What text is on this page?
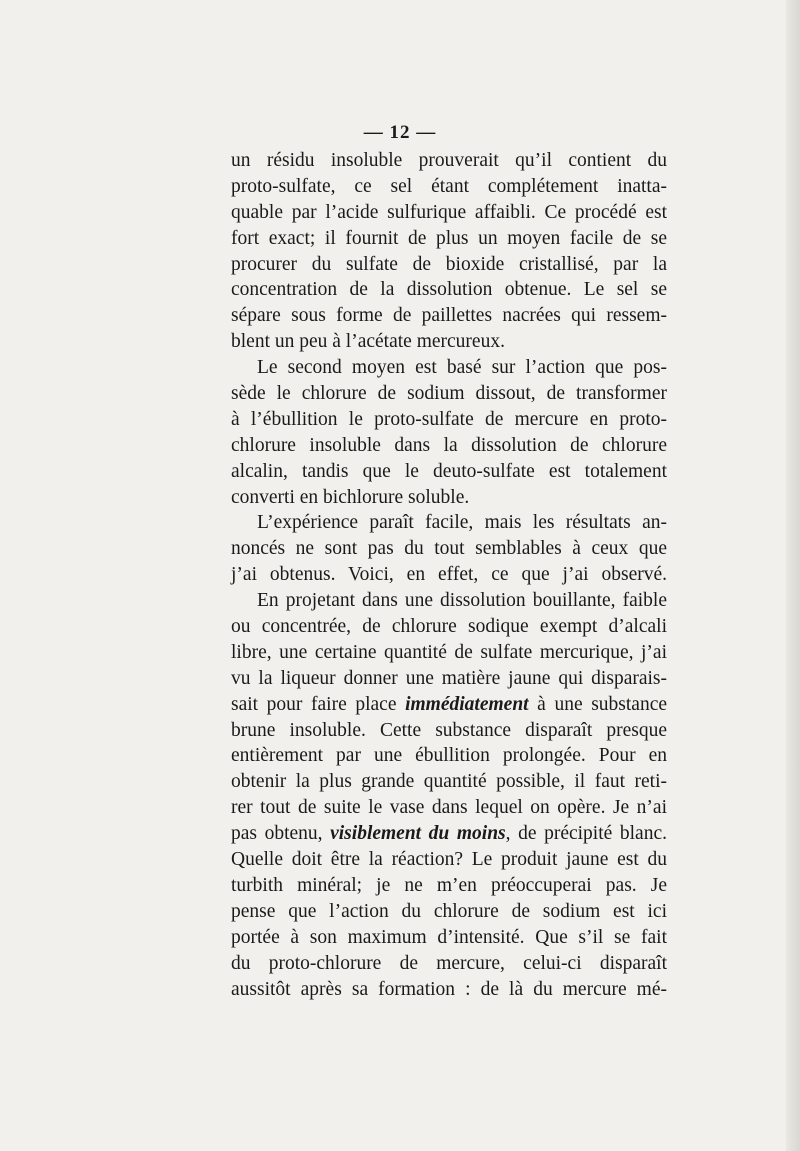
— 12 —
un résidu insoluble prouverait qu’il contient du
proto-sulfate, ce sel étant complétement inatta-
quable par l’acide sulfurique affaibli. Ce procédé est
fort exact; il fournit de plus un moyen facile de se
procurer du sulfate de bioxide cristallisé, par la
concentration de la dissolution obtenue. Le sel se
sépare sous forme de paillettes nacrées qui ressem-
blent un peu à l’acétate mercureux.
Le second moyen est basé sur l’action que pos-
sède le chlorure de sodium dissout, de transformer
à l’ébullition le proto-sulfate de mercure en proto-
chlorure insoluble dans la dissolution de chlorure
alcalin, tandis que le deuto-sulfate est totalement
converti en bichlorure soluble.
L’expérience paraît facile, mais les résultats an-
noncés ne sont pas du tout semblables à ceux que
j’ai obtenus. Voici, en effet, ce que j’ai observé.
En projetant dans une dissolution bouillante, faible
ou concentrée, de chlorure sodique exempt d’alcali
libre, une certaine quantité de sulfate mercurique, j’ai
vu la liqueur donner une matière jaune qui disparais-
sait pour faire place immédiatement à une substance
brune insoluble. Cette substance disparaît presque
entièrement par une ébullition prolongée. Pour en
obtenir la plus grande quantité possible, il faut reti-
rer tout de suite le vase dans lequel on opère. Je n’ai
pas obtenu, visiblement du moins, de précipité blanc.
Quelle doit être la réaction? Le produit jaune est du
turbith minéral; je ne m’en préoccuperai pas. Je
pense que l’action du chlorure de sodium est ici
portée à son maximum d’intensité. Que s’il se fait
du proto-chlorure de mercure, celui-ci disparaît
aussitôt après sa formation : de là du mercure mé-
